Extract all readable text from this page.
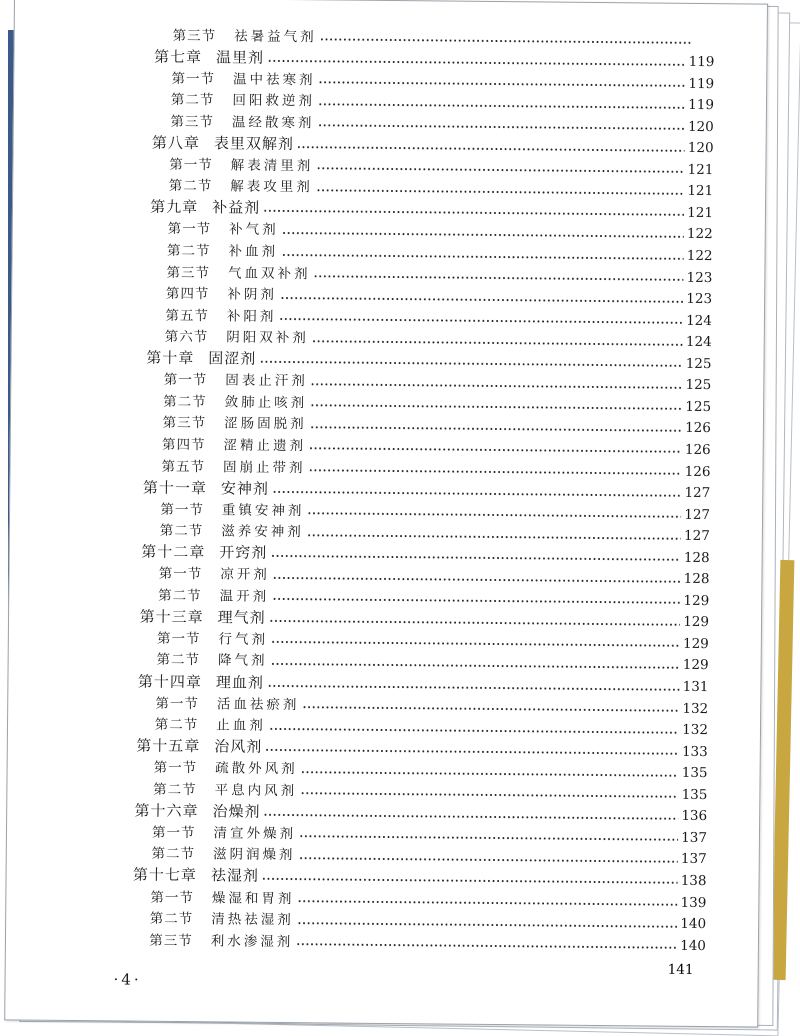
第三节 祛暑益气剂
第七章 温里剂	119
第一节 温中祛寒剂	119
第二节 回阳救逆剂	119
第三节 温经散寒剂	120
第八章 表里双解剂	120
第一节 解表清里剂	121
第二节 解表攻里剂	121
第九章 补益剂	121
第一节 补气剂	122
第二节 补血剂	122
第三节 气血双补剂	123
第四节 补阴剂	123
第五节 补阳剂	124
第六节 阴阳双补剂	124
第十章 固涩剂	125
第一节 固表止汗剂	125
第二节 敛肺止咳剂	125
第三节 涩肠固脱剂	126
第四节 涩精止遗剂	126
第五节 固崩止带剂	126
第十一章 安神剂	127
第一节 重镇安神剂	127
第二节 滋养安神剂	127
第十二章 开窍剂	128
第一节 凉开剂	128
第二节 温开剂	129
第十三章 理气剂	129
第一节 行气剂	129
第二节 降气剂	129
第十四章 理血剂	131
第一节 活血祛瘀剂	132
第二节 止血剂	132
第十五章 治风剂	133
第一节 疏散外风剂	135
第二节 平息内风剂	135
第十六章 治燥剂	136
第一节 清宣外燥剂	137
第二节 滋阴润燥剂	137
第十七章 祛湿剂	138
第一节 燥湿和胃剂	139
第二节 清热祛湿剂	140
第三节 利水渗湿剂	140
141
·4·
